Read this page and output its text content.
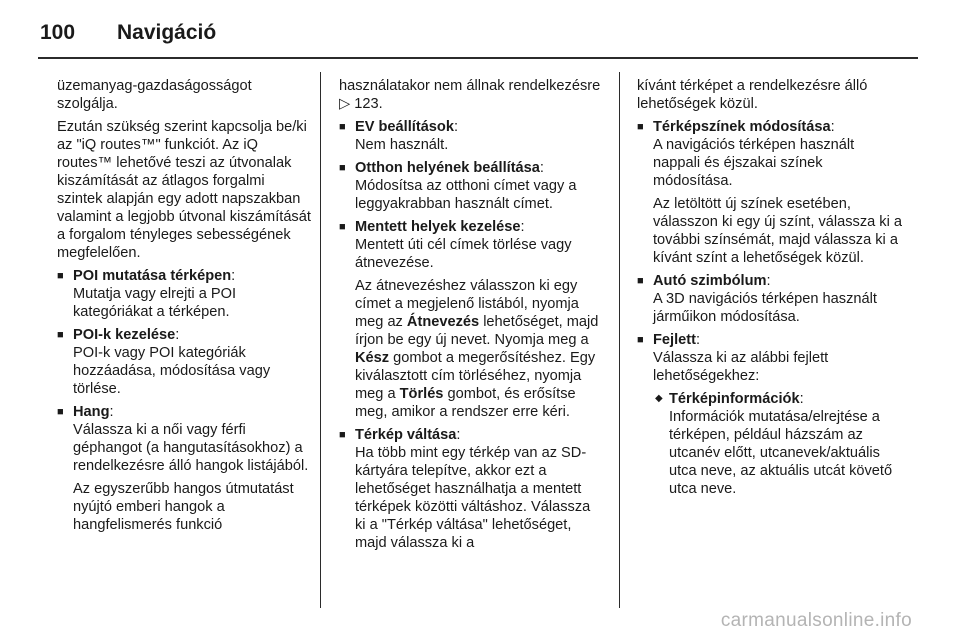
100	Navigáció

üzemanyag-gazdaságosságot szolgálja.

Ezután szükség szerint kapcsolja be/ki az "iQ routes™" funkciót. Az iQ routes™ lehetővé teszi az útvonalak kiszámítását az átlagos forgalmi szintek alapján egy adott napszakban valamint a legjobb útvonal kiszámítását a forgalom tényleges sebességének megfelelően.

■ POI mutatása térképen:
Mutatja vagy elrejti a POI kategóriákat a térképen.
■ POI-k kezelése:
POI-k vagy POI kategóriák hozzáadása, módosítása vagy törlése.
■ Hang:
Válassza ki a női vagy férfi géphangot (a hangutasításokhoz) a rendelkezésre álló hangok listájából.
Az egyszerűbb hangos útmutatást nyújtó emberi hangok a hangfelismerés funkció

használatakor nem állnak rendelkezésre ▷ 123.

■ EV beállítások:
Nem használt.
■ Otthon helyének beállítása:
Módosítsa az otthoni címet vagy a leggyakrabban használt címet.
■ Mentett helyek kezelése:
Mentett úti cél címek törlése vagy átnevezése.
Az átnevezéshez válasszon ki egy címet a megjelenő listából, nyomja meg az Átnevezés lehetőséget, majd írjon be egy új nevet. Nyomja meg a Kész gombot a megerősítéshez. Egy kiválasztott cím törléséhez, nyomja meg a Törlés gombot, és erősítse meg, amikor a rendszer erre kéri.
■ Térkép váltása:
Ha több mint egy térkép van az SD-kártyára telepítve, akkor ezt a lehetőséget használhatja a mentett térképek közötti váltáshoz. Válassza ki a "Térkép váltása" lehetőséget, majd válassza ki a

kívánt térképet a rendelkezésre álló lehetőségek közül.

■ Térképszínek módosítása:
A navigációs térképen használt nappali és éjszakai színek módosítása.
Az letöltött új színek esetében, válasszon ki egy új színt, válassza ki a további színsémát, majd válassza ki a kívánt színt a lehetőségek közül.
■ Autó szimbólum:
A 3D navigációs térképen használt járműikon módosítása.
■ Fejlett:
Válassza ki az alábbi fejlett lehetőségekhez:
◆ Térképinformációk:
Információk mutatása/elrejtése a térképen, például házszám az utcanév előtt, utcanevek/aktuális utca neve, az aktuális utcát követő utca neve.
carmanualsonline.info
